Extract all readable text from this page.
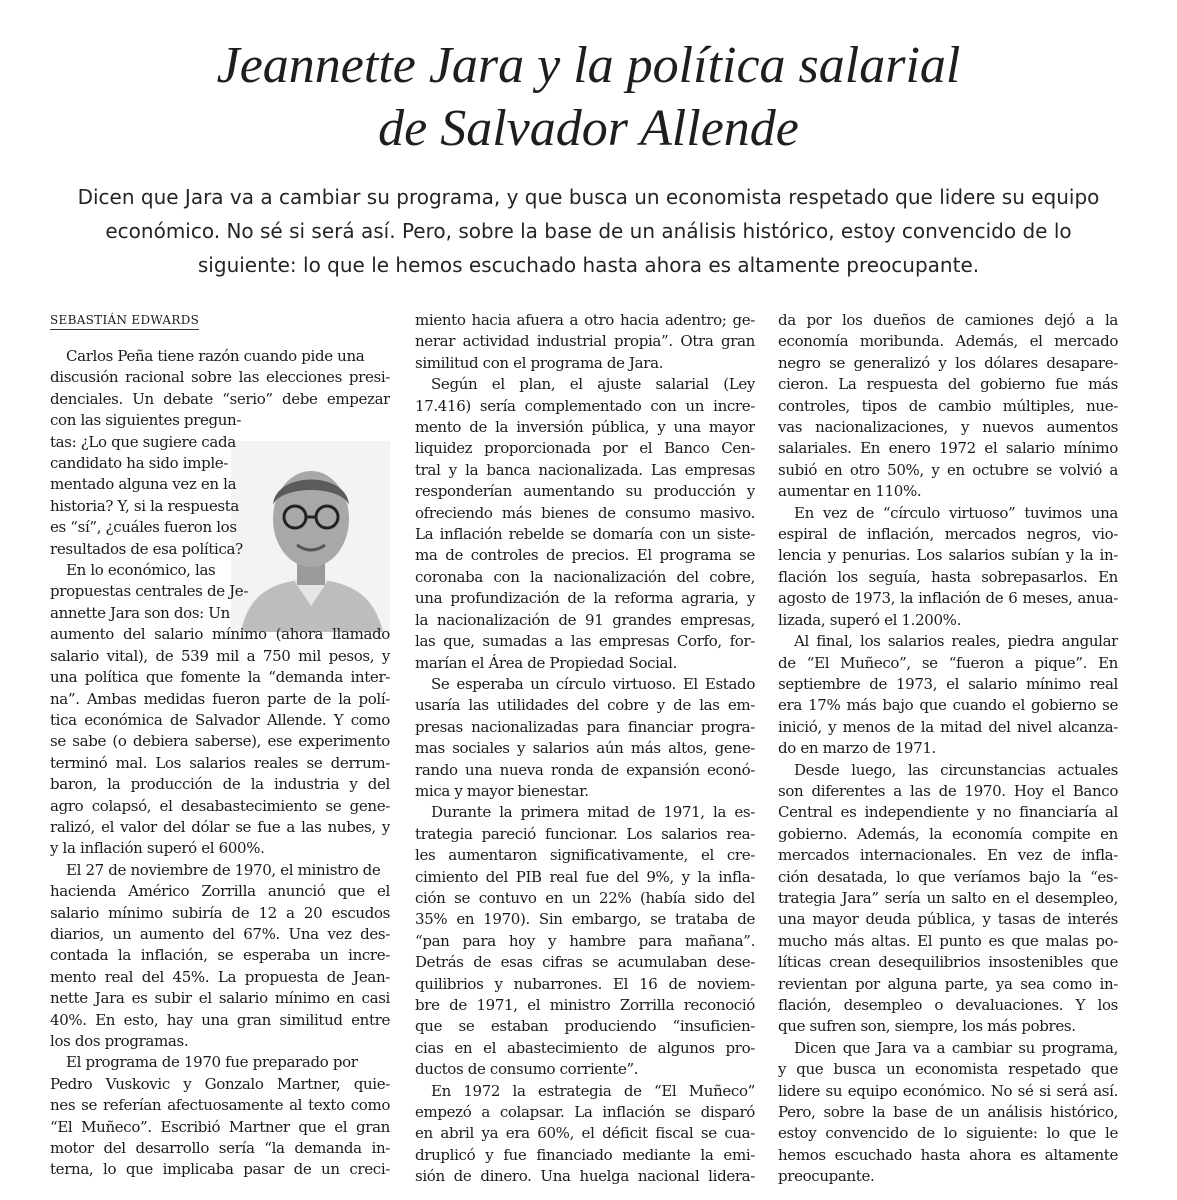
Jeannette Jara y la política salarial
de Salvador Allende
Dicen que Jara va a cambiar su programa, y que busca un economista respetado que lidere su equipo
económico. No sé si será así. Pero, sobre la base de un análisis histórico, estoy convencido de lo
siguiente: lo que le hemos escuchado hasta ahora es altamente preocupante.
SEBASTIÁN EDWARDS
Carlos Peña tiene razón cuando pide una
discusión racional sobre las elecciones presi-
denciales. Un debate “serio” debe empezar
con las siguientes pregun-
tas: ¿Lo que sugiere cada
candidato ha sido imple-
mentado alguna vez en la
historia? Y, si la respuesta
es “sí”, ¿cuáles fueron los
resultados de esa política?
En lo económico, las
propuestas centrales de Je-
annette Jara son dos: Un
aumento del salario mínimo (ahora llamado
salario vital), de 539 mil a 750 mil pesos, y
una política que fomente la “demanda inter-
na”. Ambas medidas fueron parte de la polí-
tica económica de Salvador Allende. Y como
se sabe (o debiera saberse), ese experimento
terminó mal. Los salarios reales se derrum-
baron, la producción de la industria y del
agro colapsó, el desabastecimiento se gene-
ralizó, el valor del dólar se fue a las nubes, y
y la inflación superó el 600%.
El 27 de noviembre de 1970, el ministro de
hacienda Américo Zorrilla anunció que el
salario mínimo subiría de 12 a 20 escudos
diarios, un aumento del 67%. Una vez des-
contada la inflación, se esperaba un incre-
mento real del 45%. La propuesta de Jean-
nette Jara es subir el salario mínimo en casi
40%. En esto, hay una gran similitud entre
los dos programas.
El programa de 1970 fue preparado por
Pedro Vuskovic y Gonzalo Martner, quie-
nes se referían afectuosamente al texto como
“El Muñeco”. Escribió Martner que el gran
motor del desarrollo sería “la demanda in-
terna, lo que implicaba pasar de un creci-
miento hacia afuera a otro hacia adentro; ge-
nerar actividad industrial propia”. Otra gran
similitud con el programa de Jara.
Según el plan, el ajuste salarial (Ley
17.416) sería complementado con un incre-
mento de la inversión pública, y una mayor
liquidez proporcionada por el Banco Cen-
tral y la banca nacionalizada. Las empresas
responderían aumentando su producción y
ofreciendo más bienes de consumo masivo.
La inflación rebelde se domaría con un siste-
ma de controles de precios. El programa se
coronaba con la nacionalización del cobre,
una profundización de la reforma agraria, y
la nacionalización de 91 grandes empresas,
las que, sumadas a las empresas Corfo, for-
marían el Área de Propiedad Social.
Se esperaba un círculo virtuoso. El Estado
usaría las utilidades del cobre y de las em-
presas nacionalizadas para financiar progra-
mas sociales y salarios aún más altos, gene-
rando una nueva ronda de expansión econó-
mica y mayor bienestar.
Durante la primera mitad de 1971, la es-
trategia pareció funcionar. Los salarios rea-
les aumentaron significativamente, el cre-
cimiento del PIB real fue del 9%, y la infla-
ción se contuvo en un 22% (había sido del
35% en 1970). Sin embargo, se trataba de
“pan para hoy y hambre para mañana”.
Detrás de esas cifras se acumulaban dese-
quilibrios y nubarrones. El 16 de noviem-
bre de 1971, el ministro Zorrilla reconoció
que se estaban produciendo “insuficien-
cias en el abastecimiento de algunos pro-
ductos de consumo corriente”.
En 1972 la estrategia de “El Muñeco”
empezó a colapsar. La inflación se disparó
en abril ya era 60%, el déficit fiscal se cua-
druplicó y fue financiado mediante la emi-
sión de dinero. Una huelga nacional lidera-
da por los dueños de camiones dejó a la
economía moribunda. Además, el mercado
negro se generalizó y los dólares desapare-
cieron. La respuesta del gobierno fue más
controles, tipos de cambio múltiples, nue-
vas nacionalizaciones, y nuevos aumentos
salariales. En enero 1972 el salario mínimo
subió en otro 50%, y en octubre se volvió a
aumentar en 110%.
En vez de “círculo virtuoso” tuvimos una
espiral de inflación, mercados negros, vio-
lencia y penurias. Los salarios subían y la in-
flación los seguía, hasta sobrepasarlos. En
agosto de 1973, la inflación de 6 meses, anua-
lizada, superó el 1.200%.
Al final, los salarios reales, piedra angular
de “El Muñeco”, se “fueron a pique”. En
septiembre de 1973, el salario mínimo real
era 17% más bajo que cuando el gobierno se
inició, y menos de la mitad del nivel alcanza-
do en marzo de 1971.
Desde luego, las circunstancias actuales
son diferentes a las de 1970. Hoy el Banco
Central es independiente y no financiaría al
gobierno. Además, la economía compite en
mercados internacionales. En vez de infla-
ción desatada, lo que veríamos bajo la “es-
trategia Jara” sería un salto en el desempleo,
una mayor deuda pública, y tasas de interés
mucho más altas. El punto es que malas po-
líticas crean desequilibrios insostenibles que
revientan por alguna parte, ya sea como in-
flación, desempleo o devaluaciones. Y los
que sufren son, siempre, los más pobres.
Dicen que Jara va a cambiar su programa,
y que busca un economista respetado que
lidere su equipo económico. No sé si será así.
Pero, sobre la base de un análisis histórico,
estoy convencido de lo siguiente: lo que le
hemos escuchado hasta ahora es altamente
preocupante.
